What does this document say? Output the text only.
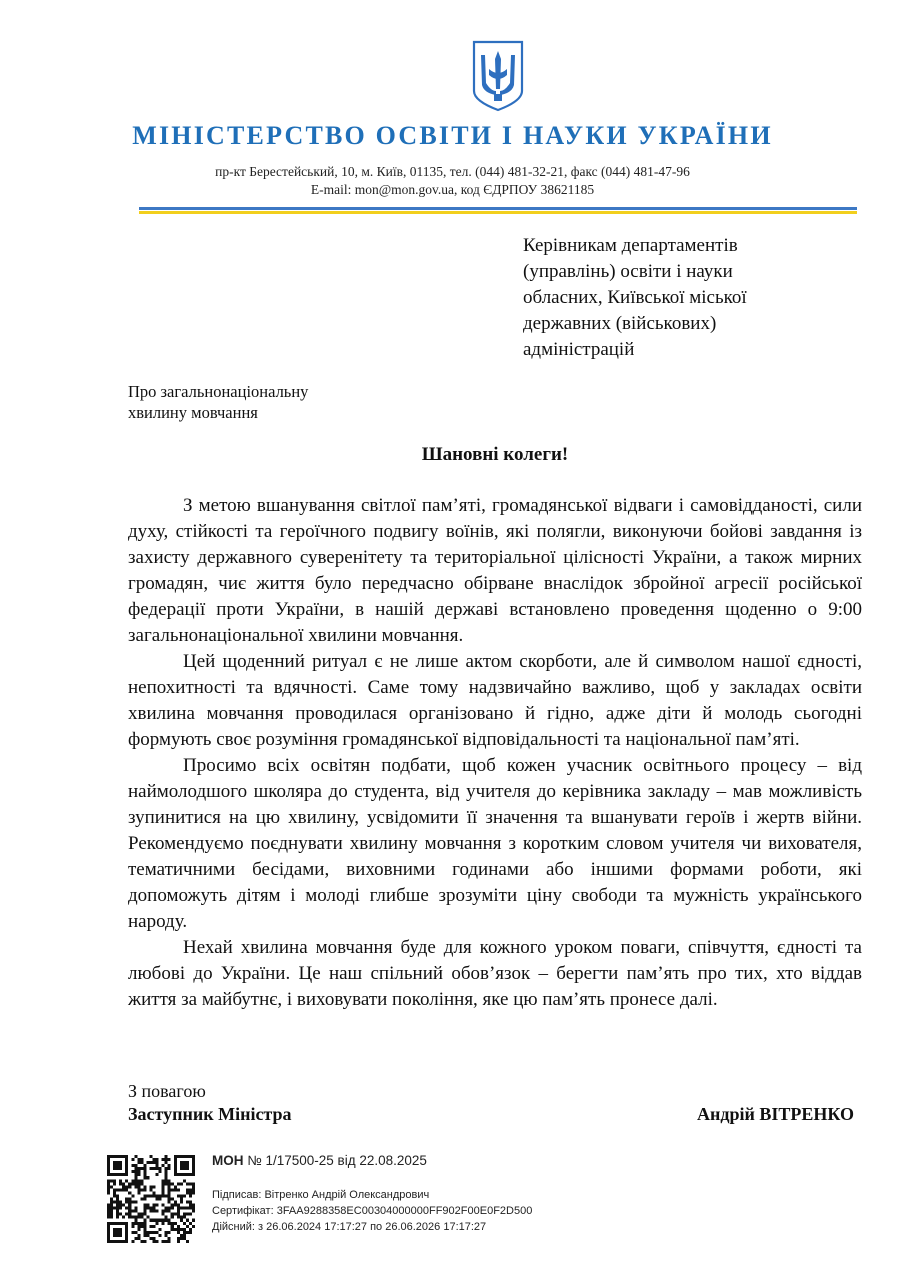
МІНІСТЕРСТВО ОСВІТИ І НАУКИ УКРАЇНИ
пр-кт Берестейський, 10, м. Київ, 01135, тел. (044) 481-32-21, факс (044) 481-47-96
E-mail: mon@mon.gov.ua, код ЄДРПОУ 38621185
Керівникам департаментів
(управлінь) освіти і науки
обласних, Київської міської
державних (військових)
адміністрацій
Про загальнонаціональну
хвилину мовчання
Шановні колеги!

З метою вшанування світлої пам’яті, громадянської відваги і самовідданості, сили духу, стійкості та героїчного подвигу воїнів, які полягли, виконуючи бойові завдання із захисту державного суверенітету та територіальної цілісності України, а також мирних громадян, чиє життя було передчасно обірване внаслідок збройної агресії російської федерації проти України, в нашій державі встановлено проведення щоденно о 9:00 загальнонаціональної хвилини мовчання.

Цей щоденний ритуал є не лише актом скорботи, але й символом нашої єдності, непохитності та вдячності. Саме тому надзвичайно важливо, щоб у закладах освіти хвилина мовчання проводилася організовано й гідно, адже діти й молодь сьогодні формують своє розуміння громадянської відповідальності та національної пам’яті.

Просимо всіх освітян подбати, щоб кожен учасник освітнього процесу – від наймолодшого школяра до студента, від учителя до керівника закладу – мав можливість зупинитися на цю хвилину, усвідомити її значення та вшанувати героїв і жертв війни. Рекомендуємо поєднувати хвилину мовчання з коротким словом учителя чи вихователя, тематичними бесідами, виховними годинами або іншими формами роботи, які допоможуть дітям і молоді глибше зрозуміти ціну свободи та мужність українського народу.

Нехай хвилина мовчання буде для кожного уроком поваги, співчуття, єдності та любові до України. Це наш спільний обов’язок – берегти пам’ять про тих, хто віддав життя за майбутнє, і виховувати покоління, яке цю пам’ять пронесе далі.

З повагою
Заступник Міністра	Андрій ВІТРЕНКО
МОН № 1/17500-25 від 22.08.2025
Підписав: Вітренко Андрій Олександрович
Сертифікат: 3FAA9288358EC00304000000FF902F00E0F2D500
Дійсний: з 26.06.2024 17:17:27 по 26.06.2026 17:17:27
